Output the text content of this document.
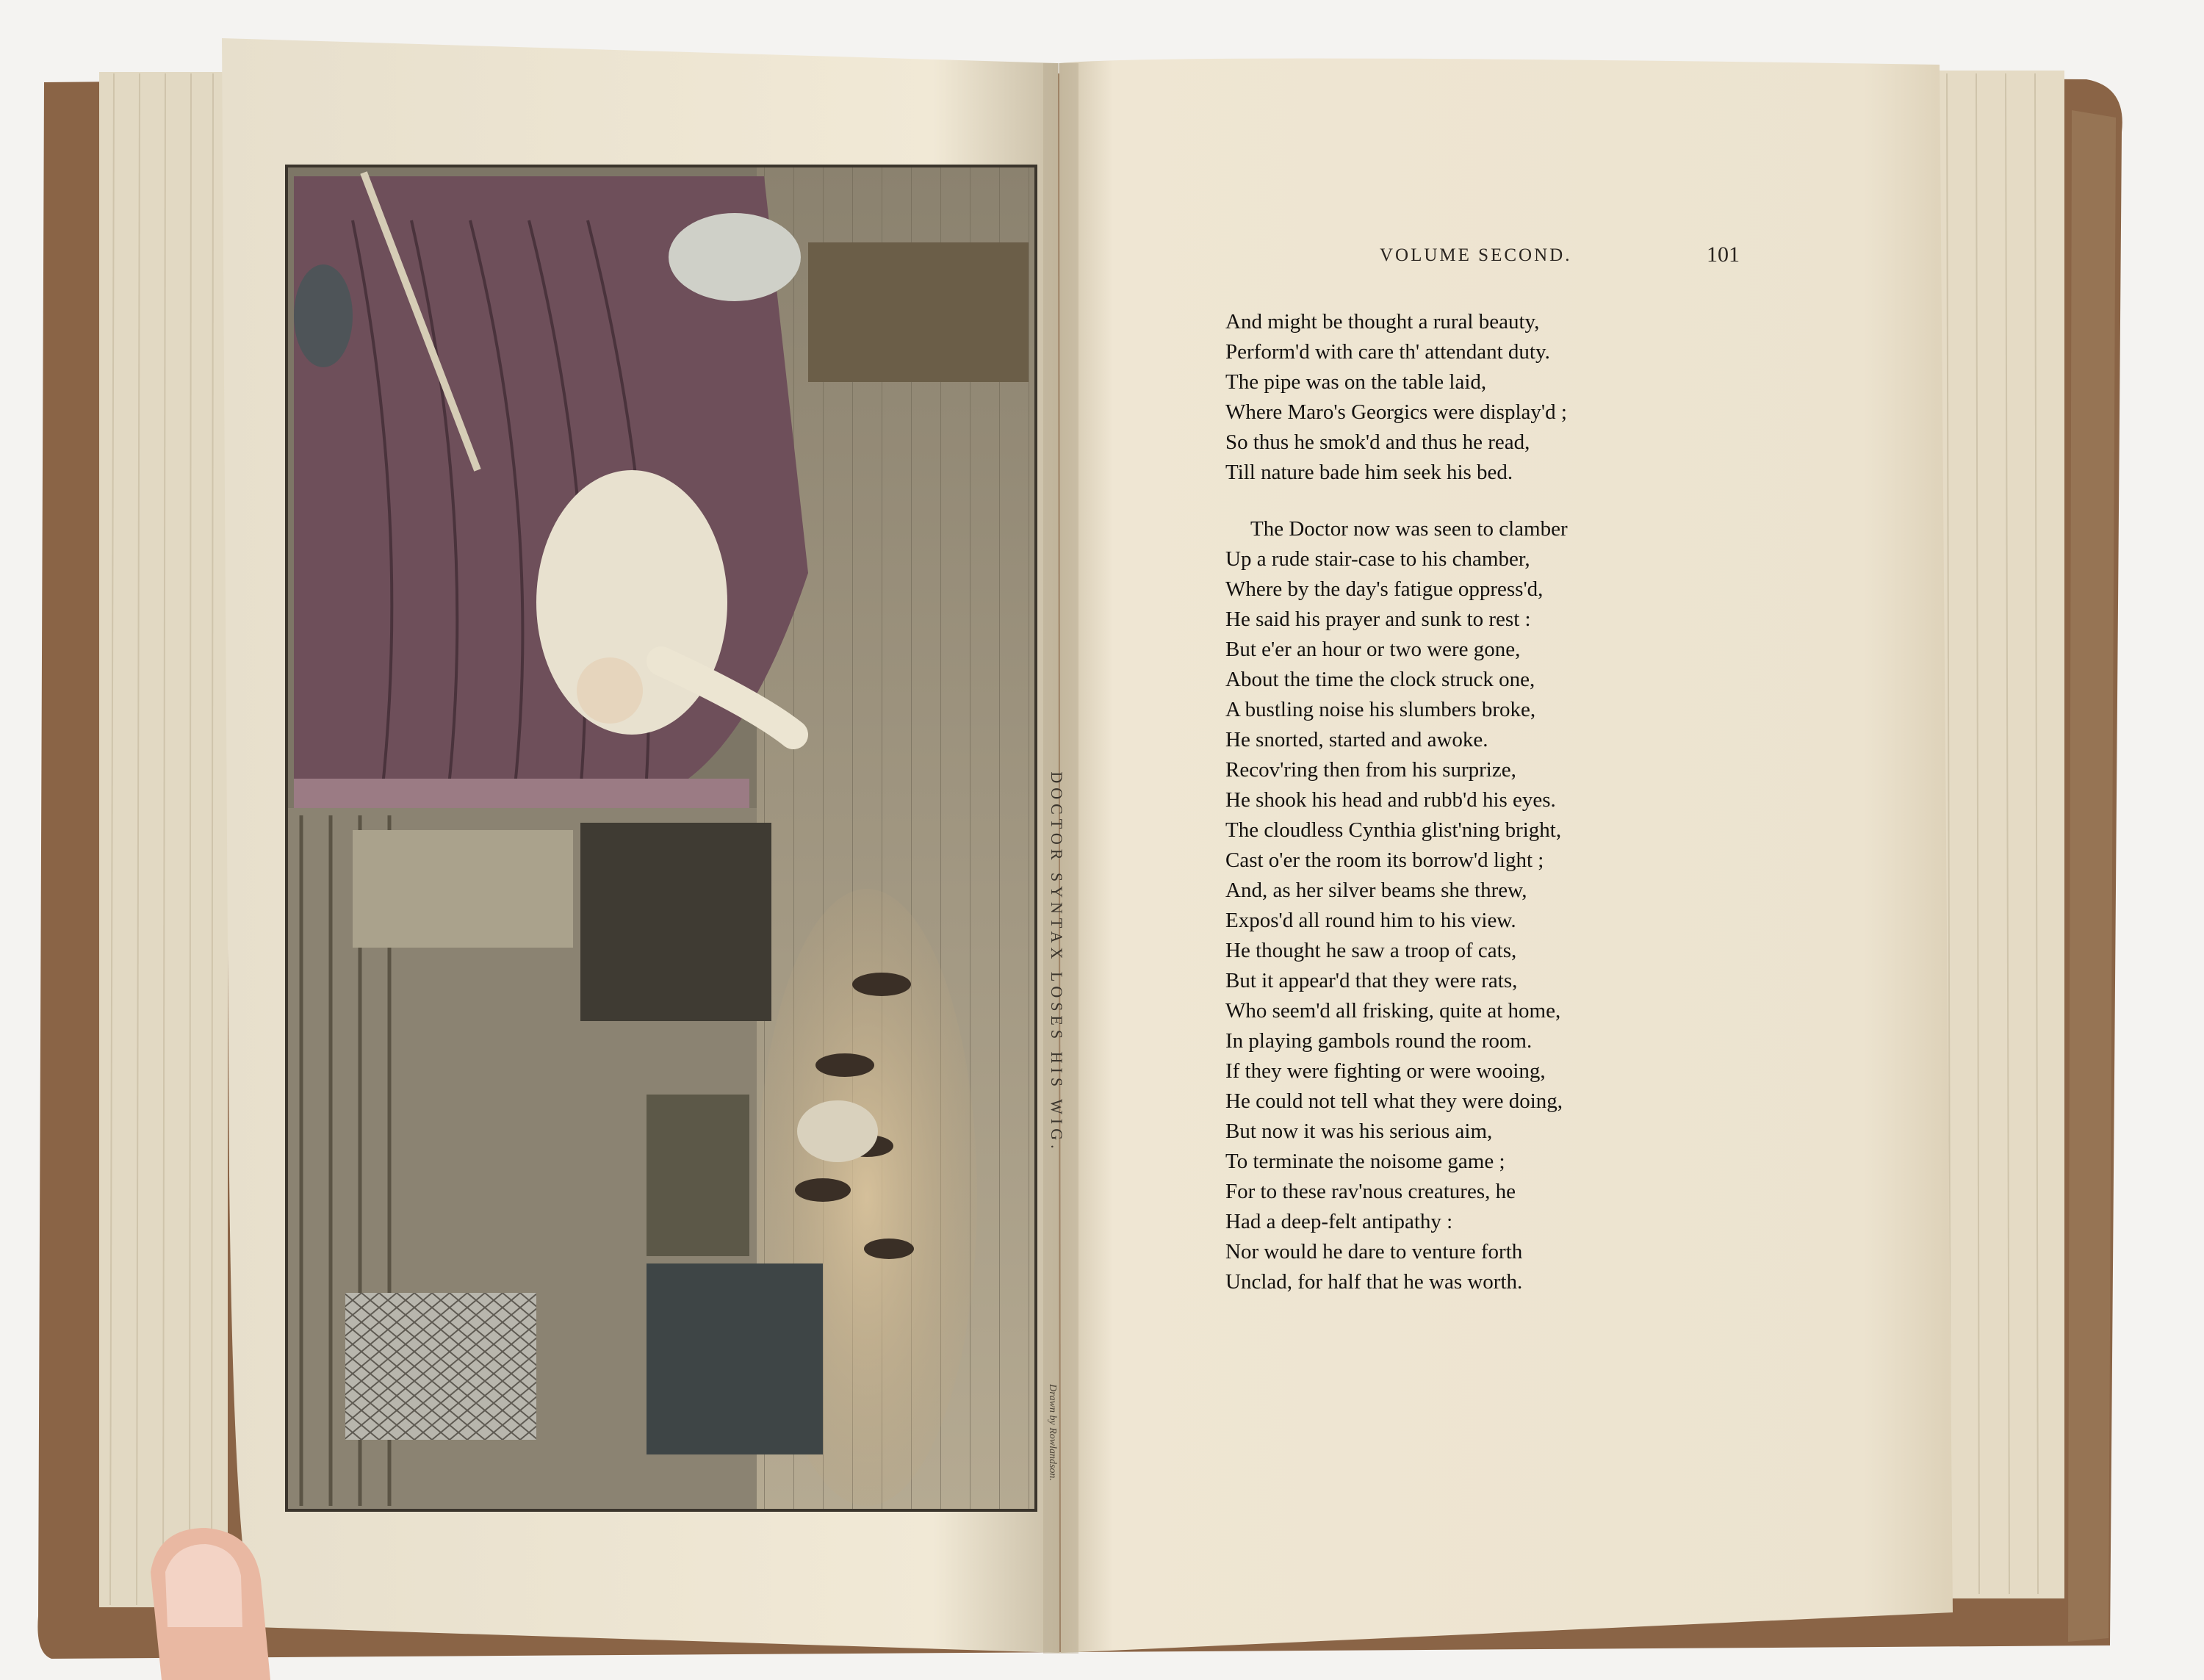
VOLUME SECOND.	101
DOCTOR SYNTAX LOSES HIS WIG.
Drawn by Rowlandson.
And might be thought a rural beauty,
Perform'd with care th' attendant duty.
The pipe was on the table laid,
Where Maro's Georgics were display'd ;
So thus he smok'd and thus he read,
Till nature bade him seek his bed.
The Doctor now was seen to clamber
Up a rude stair-case to his chamber,
Where by the day's fatigue oppress'd,
He said his prayer and sunk to rest :
But e'er an hour or two were gone,
About the time the clock struck one,
A bustling noise his slumbers broke,
He snorted, started and awoke.
Recov'ring then from his surprize,
He shook his head and rubb'd his eyes.
The cloudless Cynthia glist'ning bright,
Cast o'er the room its borrow'd light ;
And, as her silver beams she threw,
Expos'd all round him to his view.
He thought he saw a troop of cats,
But it appear'd that they were rats,
Who seem'd all frisking, quite at home,
In playing gambols round the room.
If they were fighting or were wooing,
He could not tell what they were doing,
But now it was his serious aim,
To terminate the noisome game ;
For to these rav'nous creatures, he
Had a deep-felt antipathy :
Nor would he dare to venture forth
Unclad, for half that he was worth.
